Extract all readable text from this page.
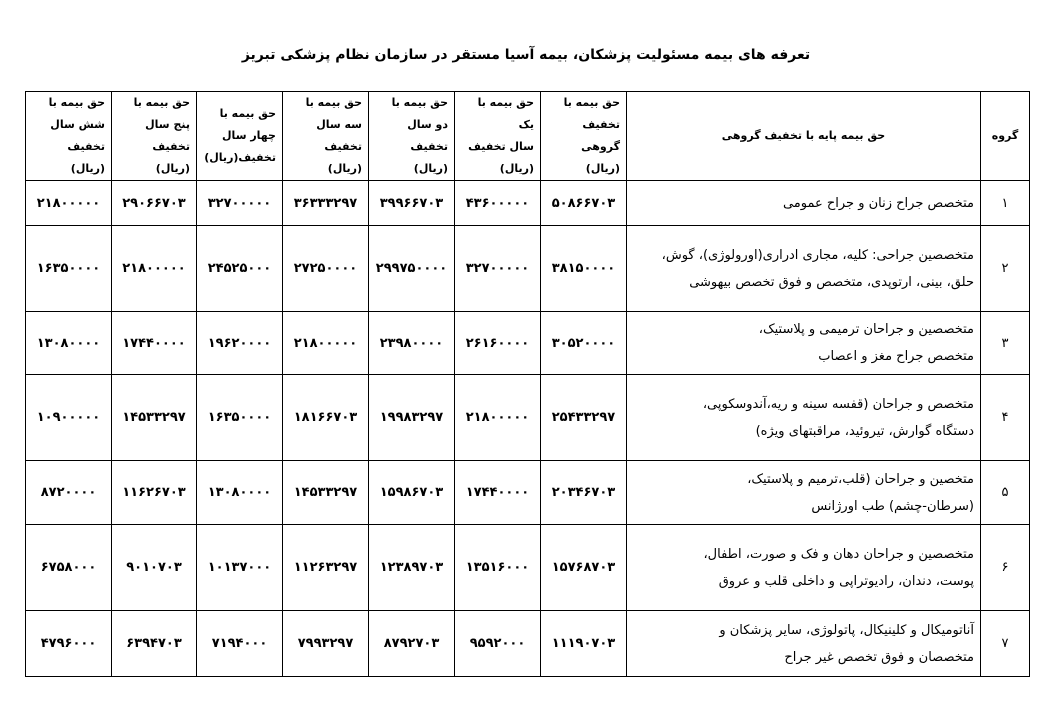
تعرفه های بیمه مسئولیت پزشکان، بیمه آسیا مستقر در سازمان نظام پزشکی تبریز
گروه	حق بیمه پایه با تخفیف گروهی	حق بیمه با
تخفیف گروهی
(ریال)	حق بیمه با یک
سال تخفیف
(ریال)	حق بیمه با
دو سال تخفیف
(ریال)	حق بیمه با
سه سال تخفیف
(ریال)	حق بیمه با
چهار سال
تخفیف(ریال)	حق بیمه با
پنج سال
تخفیف (ریال)	حق بیمه با
شش سال تخفیف
(ریال)
۱	متخصص جراح زنان و جراح عمومی	۵۰۸۶۶۷۰۳	۴۳۶۰۰۰۰۰	۳۹۹۶۶۷۰۳	۳۶۳۳۳۲۹۷	۳۲۷۰۰۰۰۰	۲۹۰۶۶۷۰۳	۲۱۸۰۰۰۰۰
۲	متخصصین جراحی: کلیه، مجاری ادراری(اورولوژی)، گوش،
حلق، بینی، ارتوپدی، متخصص و فوق تخصص بیهوشی	۳۸۱۵۰۰۰۰	۳۲۷۰۰۰۰۰	۲۹۹۷۵۰۰۰۰	۲۷۲۵۰۰۰۰	۲۴۵۲۵۰۰۰	۲۱۸۰۰۰۰۰	۱۶۳۵۰۰۰۰
۳	متخصصین و جراحان ترمیمی و پلاستیک،
متخصص جراح مغز و اعصاب	۳۰۵۲۰۰۰۰	۲۶۱۶۰۰۰۰	۲۳۹۸۰۰۰۰	۲۱۸۰۰۰۰۰	۱۹۶۲۰۰۰۰	۱۷۴۴۰۰۰۰	۱۳۰۸۰۰۰۰
۴	متخصص و جراحان (قفسه سینه و ریه،آندوسکوپی،
دستگاه گوارش، تیروئید، مراقبتهای ویژه)	۲۵۴۳۳۲۹۷	۲۱۸۰۰۰۰۰	۱۹۹۸۳۲۹۷	۱۸۱۶۶۷۰۳	۱۶۳۵۰۰۰۰	۱۴۵۳۳۲۹۷	۱۰۹۰۰۰۰۰
۵	متخصین و جراحان (قلب،ترمیم و پلاستیک،
(سرطان-چشم) طب اورژانس	۲۰۳۴۶۷۰۳	۱۷۴۴۰۰۰۰	۱۵۹۸۶۷۰۳	۱۴۵۳۳۲۹۷	۱۳۰۸۰۰۰۰	۱۱۶۲۶۷۰۳	۸۷۲۰۰۰۰
۶	متخصصین و جراحان دهان و فک و صورت، اطفال،
پوست، دندان، رادیوتراپی و داخلی قلب و عروق	۱۵۷۶۸۷۰۳	۱۳۵۱۶۰۰۰	۱۲۳۸۹۷۰۳	۱۱۲۶۳۲۹۷	۱۰۱۳۷۰۰۰	۹۰۱۰۷۰۳	۶۷۵۸۰۰۰
۷	آناتومیکال و کلینیکال، پاتولوژی، سایر پزشکان و
متخصصان و فوق تخصص غیر جراح	۱۱۱۹۰۷۰۳	۹۵۹۲۰۰۰	۸۷۹۲۷۰۳	۷۹۹۳۲۹۷	۷۱۹۴۰۰۰	۶۳۹۴۷۰۳	۴۷۹۶۰۰۰
